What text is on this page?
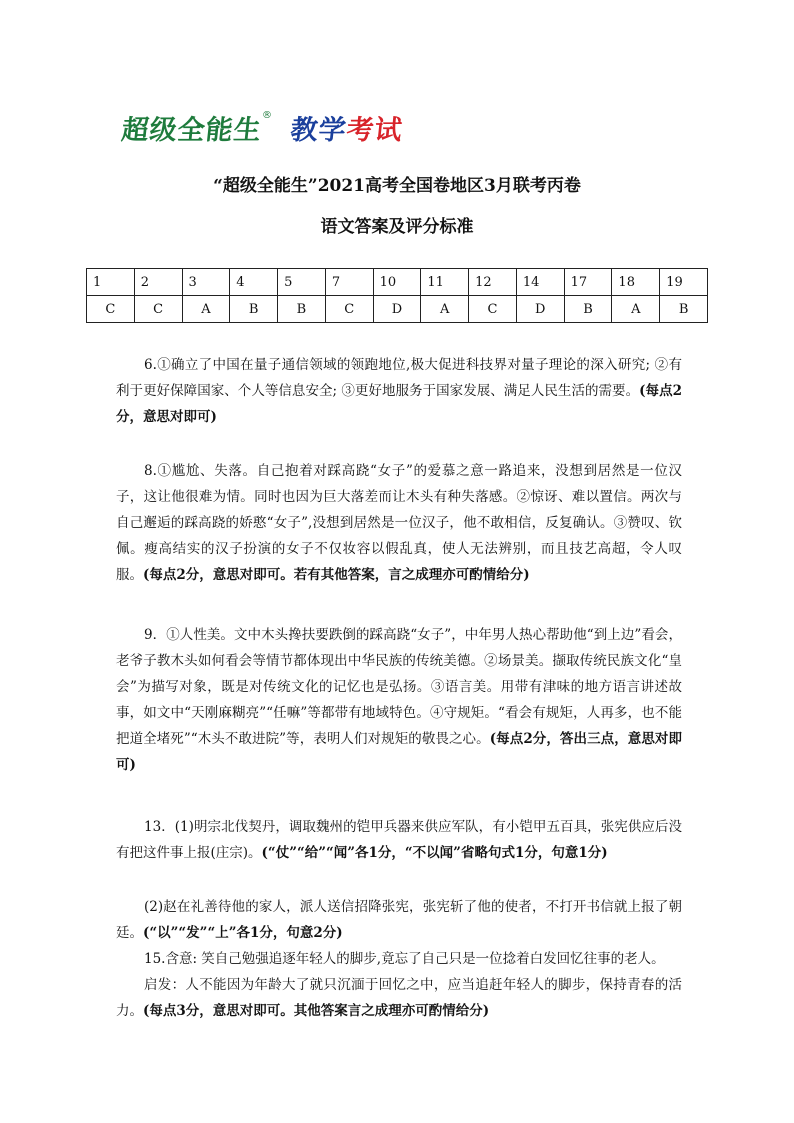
超级全能生® 教学考试
“超级全能生”2021高考全国卷地区3月联考丙卷
语文答案及评分标准
1	2	3	4	5	7	10	11	12	14	17	18	19
C	C	A	B	B	C	D	A	C	D	B	A	B
6.①确立了中国在量子通信领域的领跑地位,极大促进科技界对量子理论的深入研究; ②有利于更好保障国家、个人等信息安全; ③更好地服务于国家发展、满足人民生活的需要。(每点2分，意思对即可)
8.①尴尬、失落。自己抱着对踩高跷“女子”的爱慕之意一路追来，没想到居然是一位汉子，这让他很难为情。同时也因为巨大落差而让木头有种失落感。②惊讶、难以置信。两次与自己邂逅的踩高跷的娇憨“女子”,没想到居然是一位汉子，他不敢相信，反复确认。③赞叹、钦佩。瘦高结实的汉子扮演的女子不仅妆容以假乱真，使人无法辨别，而且技艺高超，令人叹服。(每点2分，意思对即可。若有其他答案，言之成理亦可酌情给分)
9．①人性美。文中木头搀扶要跌倒的踩高跷“女子”，中年男人热心帮助他“到上边”看会，老爷子教木头如何看会等情节都体现出中华民族的传统美德。②场景美。撷取传统民族文化“皇会”为描写对象，既是对传统文化的记忆也是弘扬。③语言美。用带有津味的地方语言讲述故事，如文中“天刚麻糊亮”“任嘛”等都带有地域特色。④守规矩。“看会有规矩，人再多，也不能把道全堵死”“木头不敢进院”等，表明人们对规矩的敬畏之心。(每点2分，答出三点，意思对即可)
13．(1)明宗北伐契丹，调取魏州的铠甲兵器来供应军队，有小铠甲五百具，张宪供应后没有把这件事上报(庄宗)。(“仗”“给”“闻”各1分，“不以闻”省略句式1分，句意1分)
(2)赵在礼善待他的家人，派人送信招降张宪，张宪斩了他的使者，不打开书信就上报了朝廷。(“以”“发”“上”各1分，句意2分)
15.含意: 笑自己勉强追逐年轻人的脚步,竟忘了自己只是一位捻着白发回忆往事的老人。
启发：人不能因为年龄大了就只沉湎于回忆之中，应当追赶年轻人的脚步，保持青春的活力。(每点3分，意思对即可。其他答案言之成理亦可酌情给分)
